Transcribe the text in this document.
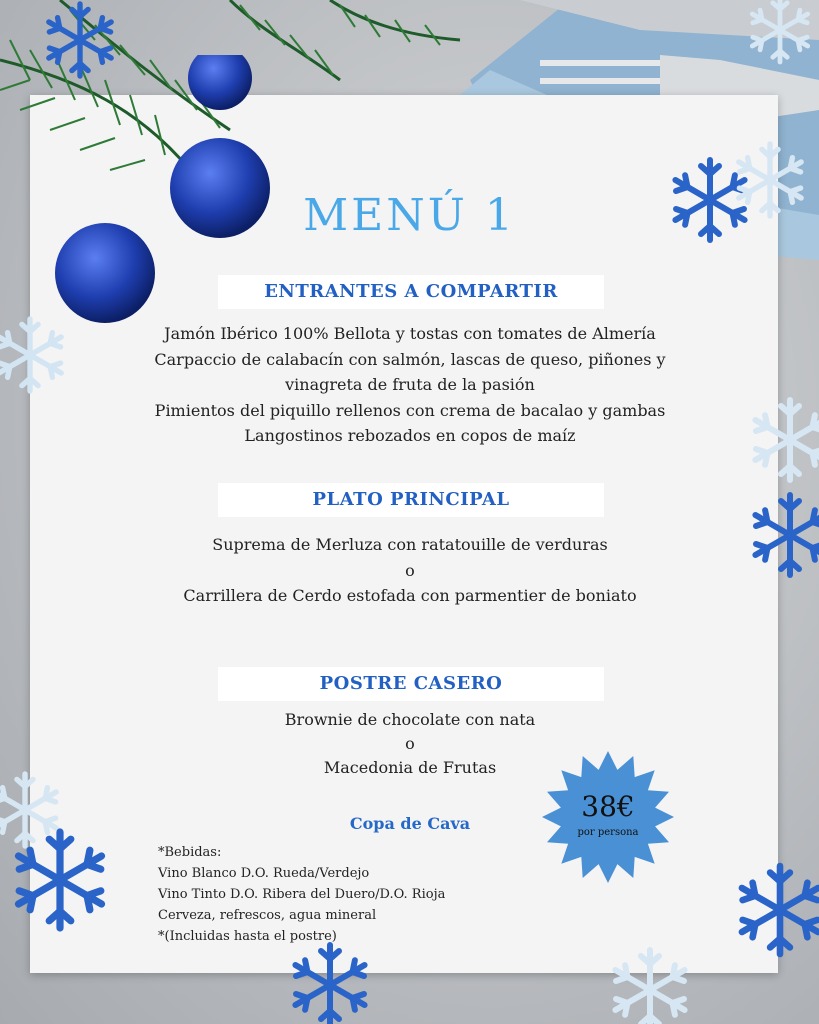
MENÚ 1
ENTRANTES A COMPARTIR
Jamón Ibérico 100% Bellota y tostas con tomates de Almería
Carpaccio de calabacín con salmón, lascas de queso, piñones y
vinagreta de fruta de la pasión
Pimientos del piquillo rellenos con crema de bacalao y gambas
Langostinos rebozados en copos de maíz
PLATO PRINCIPAL
Suprema de Merluza con ratatouille de verduras
o
Carrillera de Cerdo estofada con parmentier de boniato
POSTRE CASERO
Brownie de chocolate con nata
o
Macedonia de Frutas
Copa de Cava
*Bebidas:
Vino Blanco D.O. Rueda/Verdejo
Vino Tinto D.O. Ribera del Duero/D.O. Rioja
Cerveza, refrescos, agua mineral
*(Incluidas hasta el postre)
38€
por persona
